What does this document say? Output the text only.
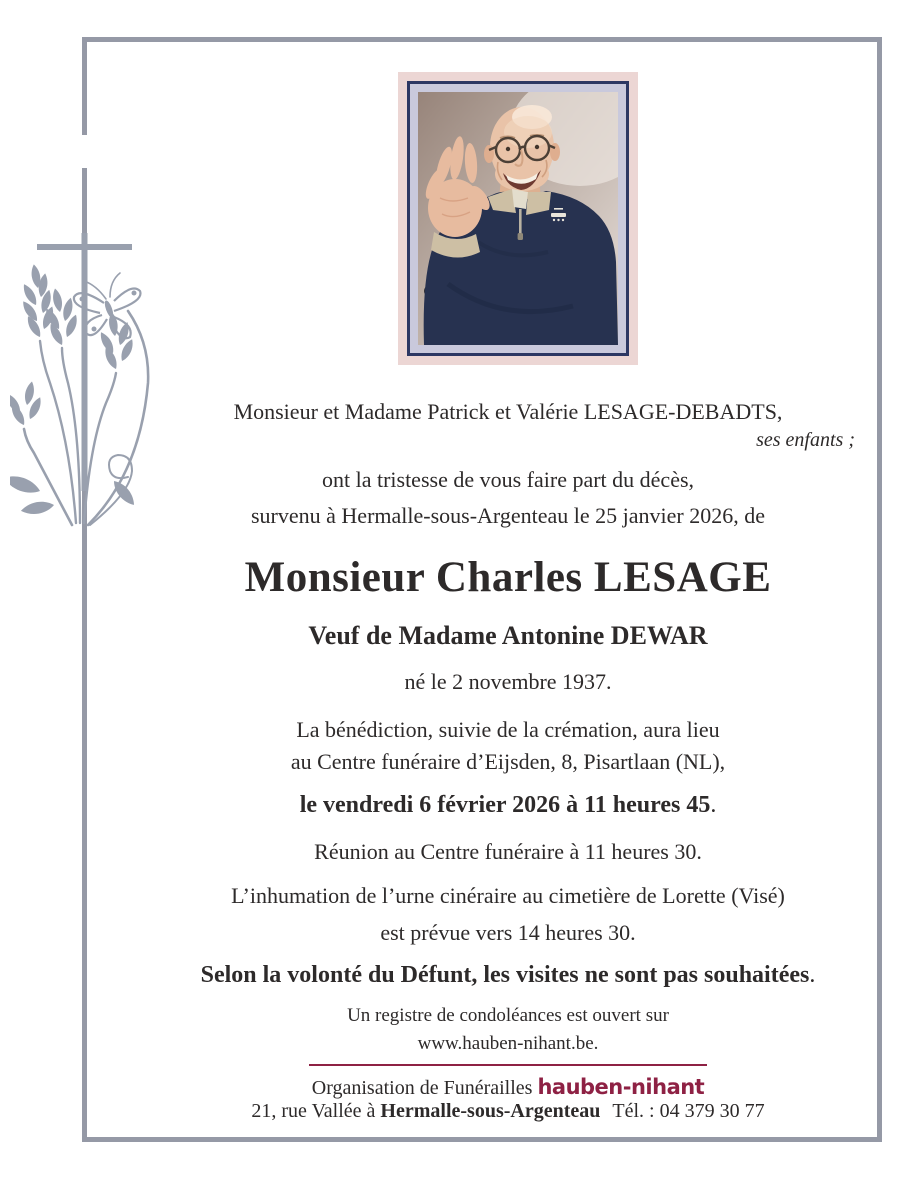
Monsieur et Madame Patrick et Valérie LESAGE-DEBADTS,
ses enfants ;
ont la tristesse de vous faire part du décès,
survenu à Hermalle-sous-Argenteau le 25 janvier 2026, de
Monsieur Charles LESAGE
Veuf de Madame Antonine DEWAR
né le 2 novembre 1937.
La bénédiction, suivie de la crémation, aura lieu
au Centre funéraire d’Eijsden, 8, Pisartlaan (NL),
le vendredi 6 février 2026 à 11 heures 45.
Réunion au Centre funéraire à 11 heures 30.
L’inhumation de l’urne cinéraire au cimetière de Lorette (Visé)
est prévue vers 14 heures 30.
Selon la volonté du Défunt, les visites ne sont pas souhaitées.
Un registre de condoléances est ouvert sur
www.hauben-nihant.be.
Organisation de Funérailles hauben-nihant
21, rue Vallée à Hermalle-sous-Argenteau Tél. : 04 379 30 77
